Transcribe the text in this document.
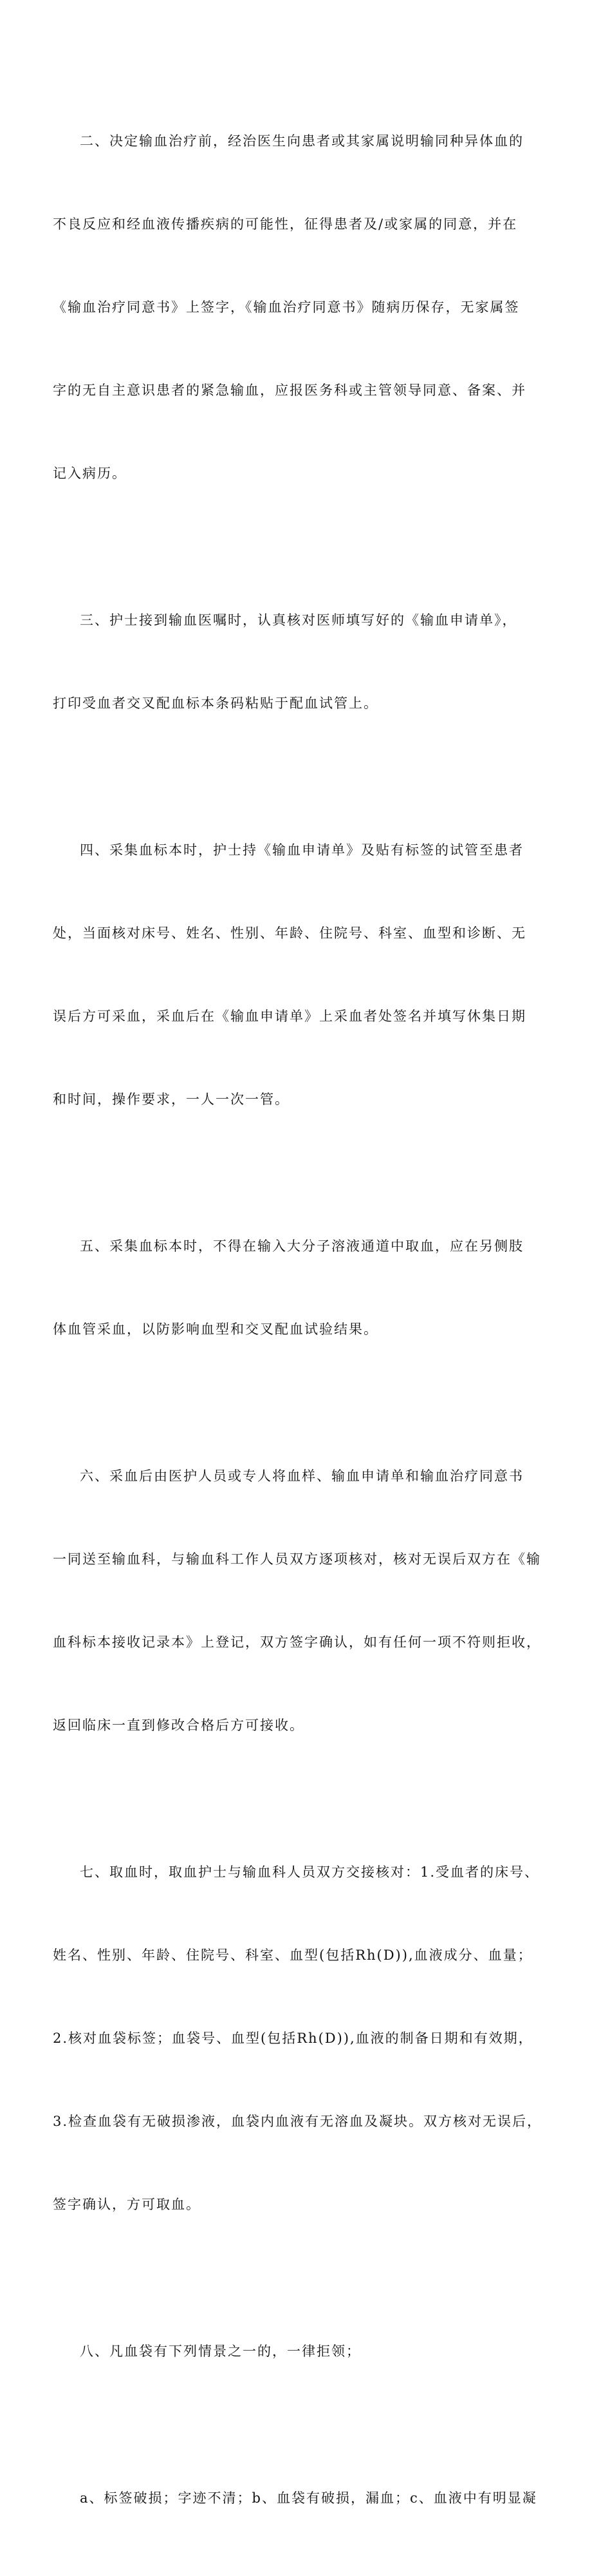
二、决定输血治疗前，经治医生向患者或其家属说明输同种异体血的

不良反应和经血液传播疾病的可能性，征得患者及/或家属的同意，并在

《输血治疗同意书》上签字，《输血治疗同意书》随病历保存，无家属签

字的无自主意识患者的紧急输血，应报医务科或主管领导同意、备案、并

记入病历。

三、护士接到输血医嘱时，认真核对医师填写好的《输血申请单》，

打印受血者交叉配血标本条码粘贴于配血试管上。

四、采集血标本时，护士持《输血申请单》及贴有标签的试管至患者

处，当面核对床号、姓名、性别、年龄、住院号、科室、血型和诊断、无

误后方可采血，采血后在《输血申请单》上采血者处签名并填写休集日期

和时间，操作要求，一人一次一管。

五、采集血标本时，不得在输入大分子溶液通道中取血，应在另侧肢

体血管采血，以防影响血型和交叉配血试验结果。

六、采血后由医护人员或专人将血样、输血申请单和输血治疗同意书

一同送至输血科，与输血科工作人员双方逐项核对，核对无误后双方在《输

血科标本接收记录本》上登记，双方签字确认，如有任何一项不符则拒收，

返回临床一直到修改合格后方可接收。

七、取血时，取血护士与输血科人员双方交接核对：1.受血者的床号、

姓名、性别、年龄、住院号、科室、血型(包括Rh(D)),血液成分、血量；

2.核对血袋标签；血袋号、血型(包括Rh(D)),血液的制备日期和有效期，

3.检查血袋有无破损渗液，血袋内血液有无溶血及凝块。双方核对无误后，

签字确认，方可取血。

八、凡血袋有下列情景之一的，一律拒领；

a、标签破损；字迹不清；b、血袋有破损，漏血；c、血液中有明显凝
